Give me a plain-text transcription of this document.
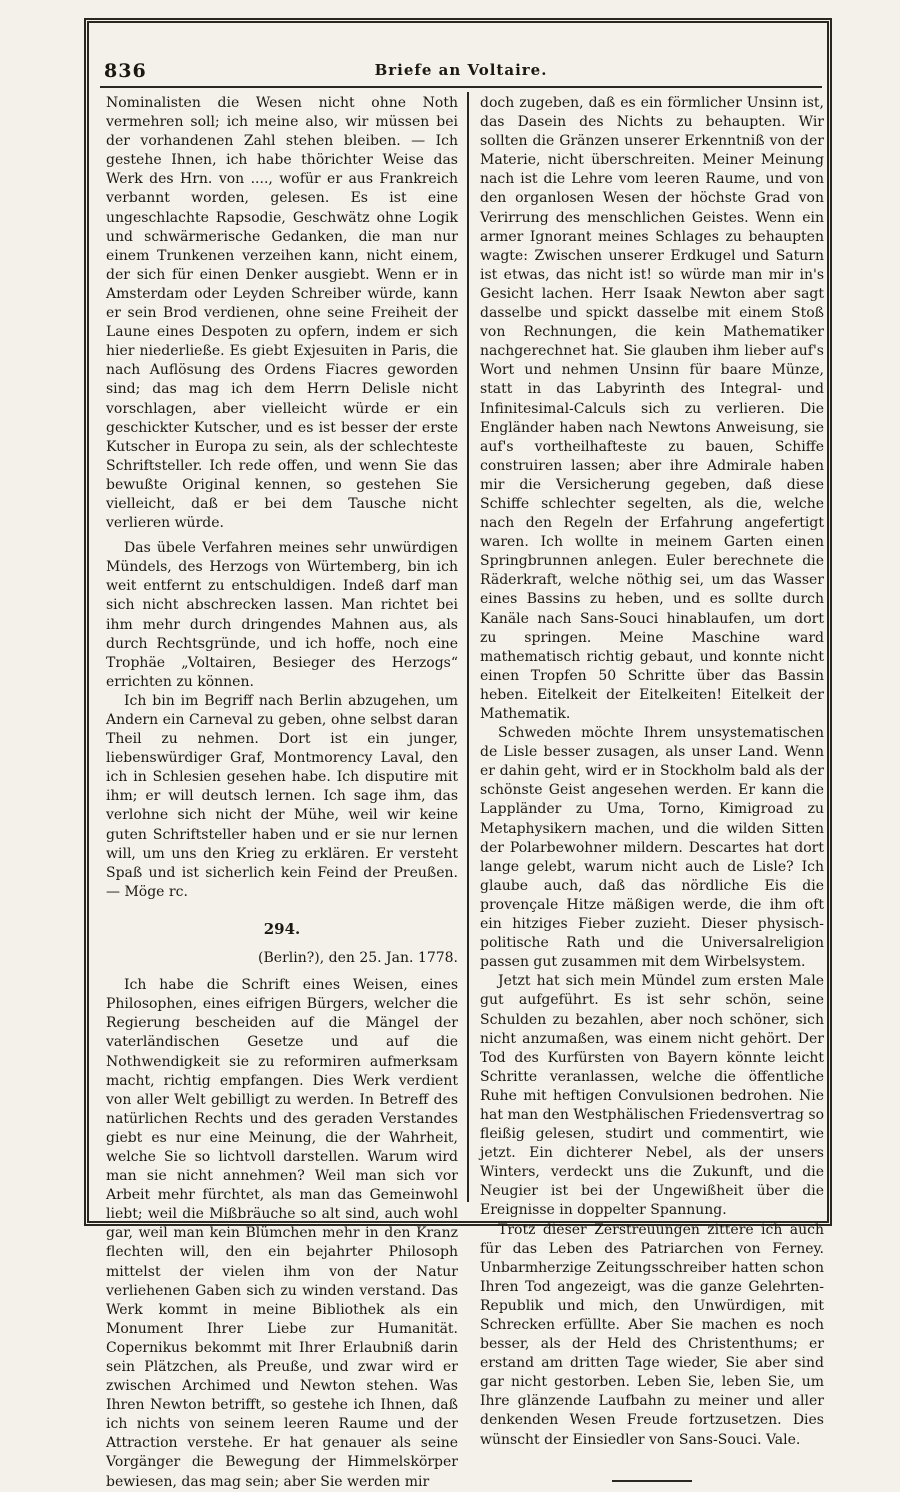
836	Briefe an Voltaire.

Nominalisten die Wesen nicht ohne Noth vermehren soll; ich meine also, wir müssen bei der vorhandenen Zahl stehen bleiben. — Ich gestehe Ihnen, ich habe thörichter Weise das Werk des Hrn. von ...., wofür er aus Frankreich verbannt worden, gelesen. Es ist eine ungeschlachte Rapsodie, Geschwätz ohne Logik und schwärmerische Gedanken, die man nur einem Trunkenen verzeihen kann, nicht einem, der sich für einen Denker ausgiebt. Wenn er in Amsterdam oder Leyden Schreiber würde, kann er sein Brod verdienen, ohne seine Freiheit der Laune eines Despoten zu opfern, indem er sich hier niederließe. Es giebt Exjesuiten in Paris, die nach Auflösung des Ordens Fiacres geworden sind; das mag ich dem Herrn Delisle nicht vorschlagen, aber vielleicht würde er ein geschickter Kutscher, und es ist besser der erste Kutscher in Europa zu sein, als der schlechteste Schriftsteller. Ich rede offen, und wenn Sie das bewußte Original kennen, so gestehen Sie vielleicht, daß er bei dem Tausche nicht verlieren würde.

Das übele Verfahren meines sehr unwürdigen Mündels, des Herzogs von Würtemberg, bin ich weit entfernt zu entschuldigen. Indeß darf man sich nicht abschrecken lassen. Man richtet bei ihm mehr durch dringendes Mahnen aus, als durch Rechtsgründe, und ich hoffe, noch eine Trophäe „Voltairen, Besieger des Herzogs“ errichten zu können.

Ich bin im Begriff nach Berlin abzugehen, um Andern ein Carneval zu geben, ohne selbst daran Theil zu nehmen. Dort ist ein junger, liebenswürdiger Graf, Montmorency Laval, den ich in Schlesien gesehen habe. Ich disputire mit ihm; er will deutsch lernen. Ich sage ihm, das verlohne sich nicht der Mühe, weil wir keine guten Schriftsteller haben und er sie nur lernen will, um uns den Krieg zu erklären. Er versteht Spaß und ist sicherlich kein Feind der Preußen. — Möge rc.

294.
(Berlin?), den 25. Jan. 1778.

Ich habe die Schrift eines Weisen, eines Philosophen, eines eifrigen Bürgers, welcher die Regierung bescheiden auf die Mängel der vaterländischen Gesetze und auf die Nothwendigkeit sie zu reformiren aufmerksam macht, richtig empfangen. Dies Werk verdient von aller Welt gebilligt zu werden. In Betreff des natürlichen Rechts und des geraden Verstandes giebt es nur eine Meinung, die der Wahrheit, welche Sie so lichtvoll darstellen. Warum wird man sie nicht annehmen? Weil man sich vor Arbeit mehr fürchtet, als man das Gemeinwohl liebt; weil die Mißbräuche so alt sind, auch wohl gar, weil man kein Blümchen mehr in den Kranz flechten will, den ein bejahrter Philosoph mittelst der vielen ihm von der Natur verliehenen Gaben sich zu winden verstand. Das Werk kommt in meine Bibliothek als ein Monument Ihrer Liebe zur Humanität. Copernikus bekommt mit Ihrer Erlaubniß darin sein Plätzchen, als Preuße, und zwar wird er zwischen Archimed und Newton stehen. Was Ihren Newton betrifft, so gestehe ich Ihnen, daß ich nichts von seinem leeren Raume und der Attraction verstehe. Er hat genauer als seine Vorgänger die Bewegung der Himmelskörper bewiesen, das mag sein; aber Sie werden mir

doch zugeben, daß es ein förmlicher Unsinn ist, das Dasein des Nichts zu behaupten. Wir sollten die Gränzen unserer Erkenntniß von der Materie, nicht überschreiten. Meiner Meinung nach ist die Lehre vom leeren Raume, und von den organlosen Wesen der höchste Grad von Verirrung des menschlichen Geistes. Wenn ein armer Ignorant meines Schlages zu behaupten wagte: Zwischen unserer Erdkugel und Saturn ist etwas, das nicht ist! so würde man mir in's Gesicht lachen. Herr Isaak Newton aber sagt dasselbe und spickt dasselbe mit einem Stoß von Rechnungen, die kein Mathematiker nachgerechnet hat. Sie glauben ihm lieber auf's Wort und nehmen Unsinn für baare Münze, statt in das Labyrinth des Integral- und Infinitesimal-Calculs sich zu verlieren. Die Engländer haben nach Newtons Anweisung, sie auf's vortheilhafteste zu bauen, Schiffe construiren lassen; aber ihre Admirale haben mir die Versicherung gegeben, daß diese Schiffe schlechter segelten, als die, welche nach den Regeln der Erfahrung angefertigt waren. Ich wollte in meinem Garten einen Springbrunnen anlegen. Euler berechnete die Räderkraft, welche nöthig sei, um das Wasser eines Bassins zu heben, und es sollte durch Kanäle nach Sans-Souci hinablaufen, um dort zu springen. Meine Maschine ward mathematisch richtig gebaut, und konnte nicht einen Tropfen 50 Schritte über das Bassin heben. Eitelkeit der Eitelkeiten! Eitelkeit der Mathematik.

Schweden möchte Ihrem unsystematischen de Lisle besser zusagen, als unser Land. Wenn er dahin geht, wird er in Stockholm bald als der schönste Geist angesehen werden. Er kann die Lappländer zu Uma, Torno, Kimigroad zu Metaphysikern machen, und die wilden Sitten der Polarbewohner mildern. Descartes hat dort lange gelebt, warum nicht auch de Lisle? Ich glaube auch, daß das nördliche Eis die provençale Hitze mäßigen werde, die ihm oft ein hitziges Fieber zuzieht. Dieser physisch-politische Rath und die Universalreligion passen gut zusammen mit dem Wirbelsystem.

Jetzt hat sich mein Mündel zum ersten Male gut aufgeführt. Es ist sehr schön, seine Schulden zu bezahlen, aber noch schöner, sich nicht anzumaßen, was einem nicht gehört. Der Tod des Kurfürsten von Bayern könnte leicht Schritte veranlassen, welche die öffentliche Ruhe mit heftigen Convulsionen bedrohen. Nie hat man den Westphälischen Friedensvertrag so fleißig gelesen, studirt und commentirt, wie jetzt. Ein dichterer Nebel, als der unsers Winters, verdeckt uns die Zukunft, und die Neugier ist bei der Ungewißheit über die Ereignisse in doppelter Spannung.

Trotz dieser Zerstreuungen zittere ich auch für das Leben des Patriarchen von Ferney. Unbarmherzige Zeitungsschreiber hatten schon Ihren Tod angezeigt, was die ganze Gelehrten-Republik und mich, den Unwürdigen, mit Schrecken erfüllte. Aber Sie machen es noch besser, als der Held des Christenthums; er erstand am dritten Tage wieder, Sie aber sind gar nicht gestorben. Leben Sie, leben Sie, um Ihre glänzende Laufbahn zu meiner und aller denkenden Wesen Freude fortzusetzen. Dies wünscht der Einsiedler von Sans-Souci. Vale.
